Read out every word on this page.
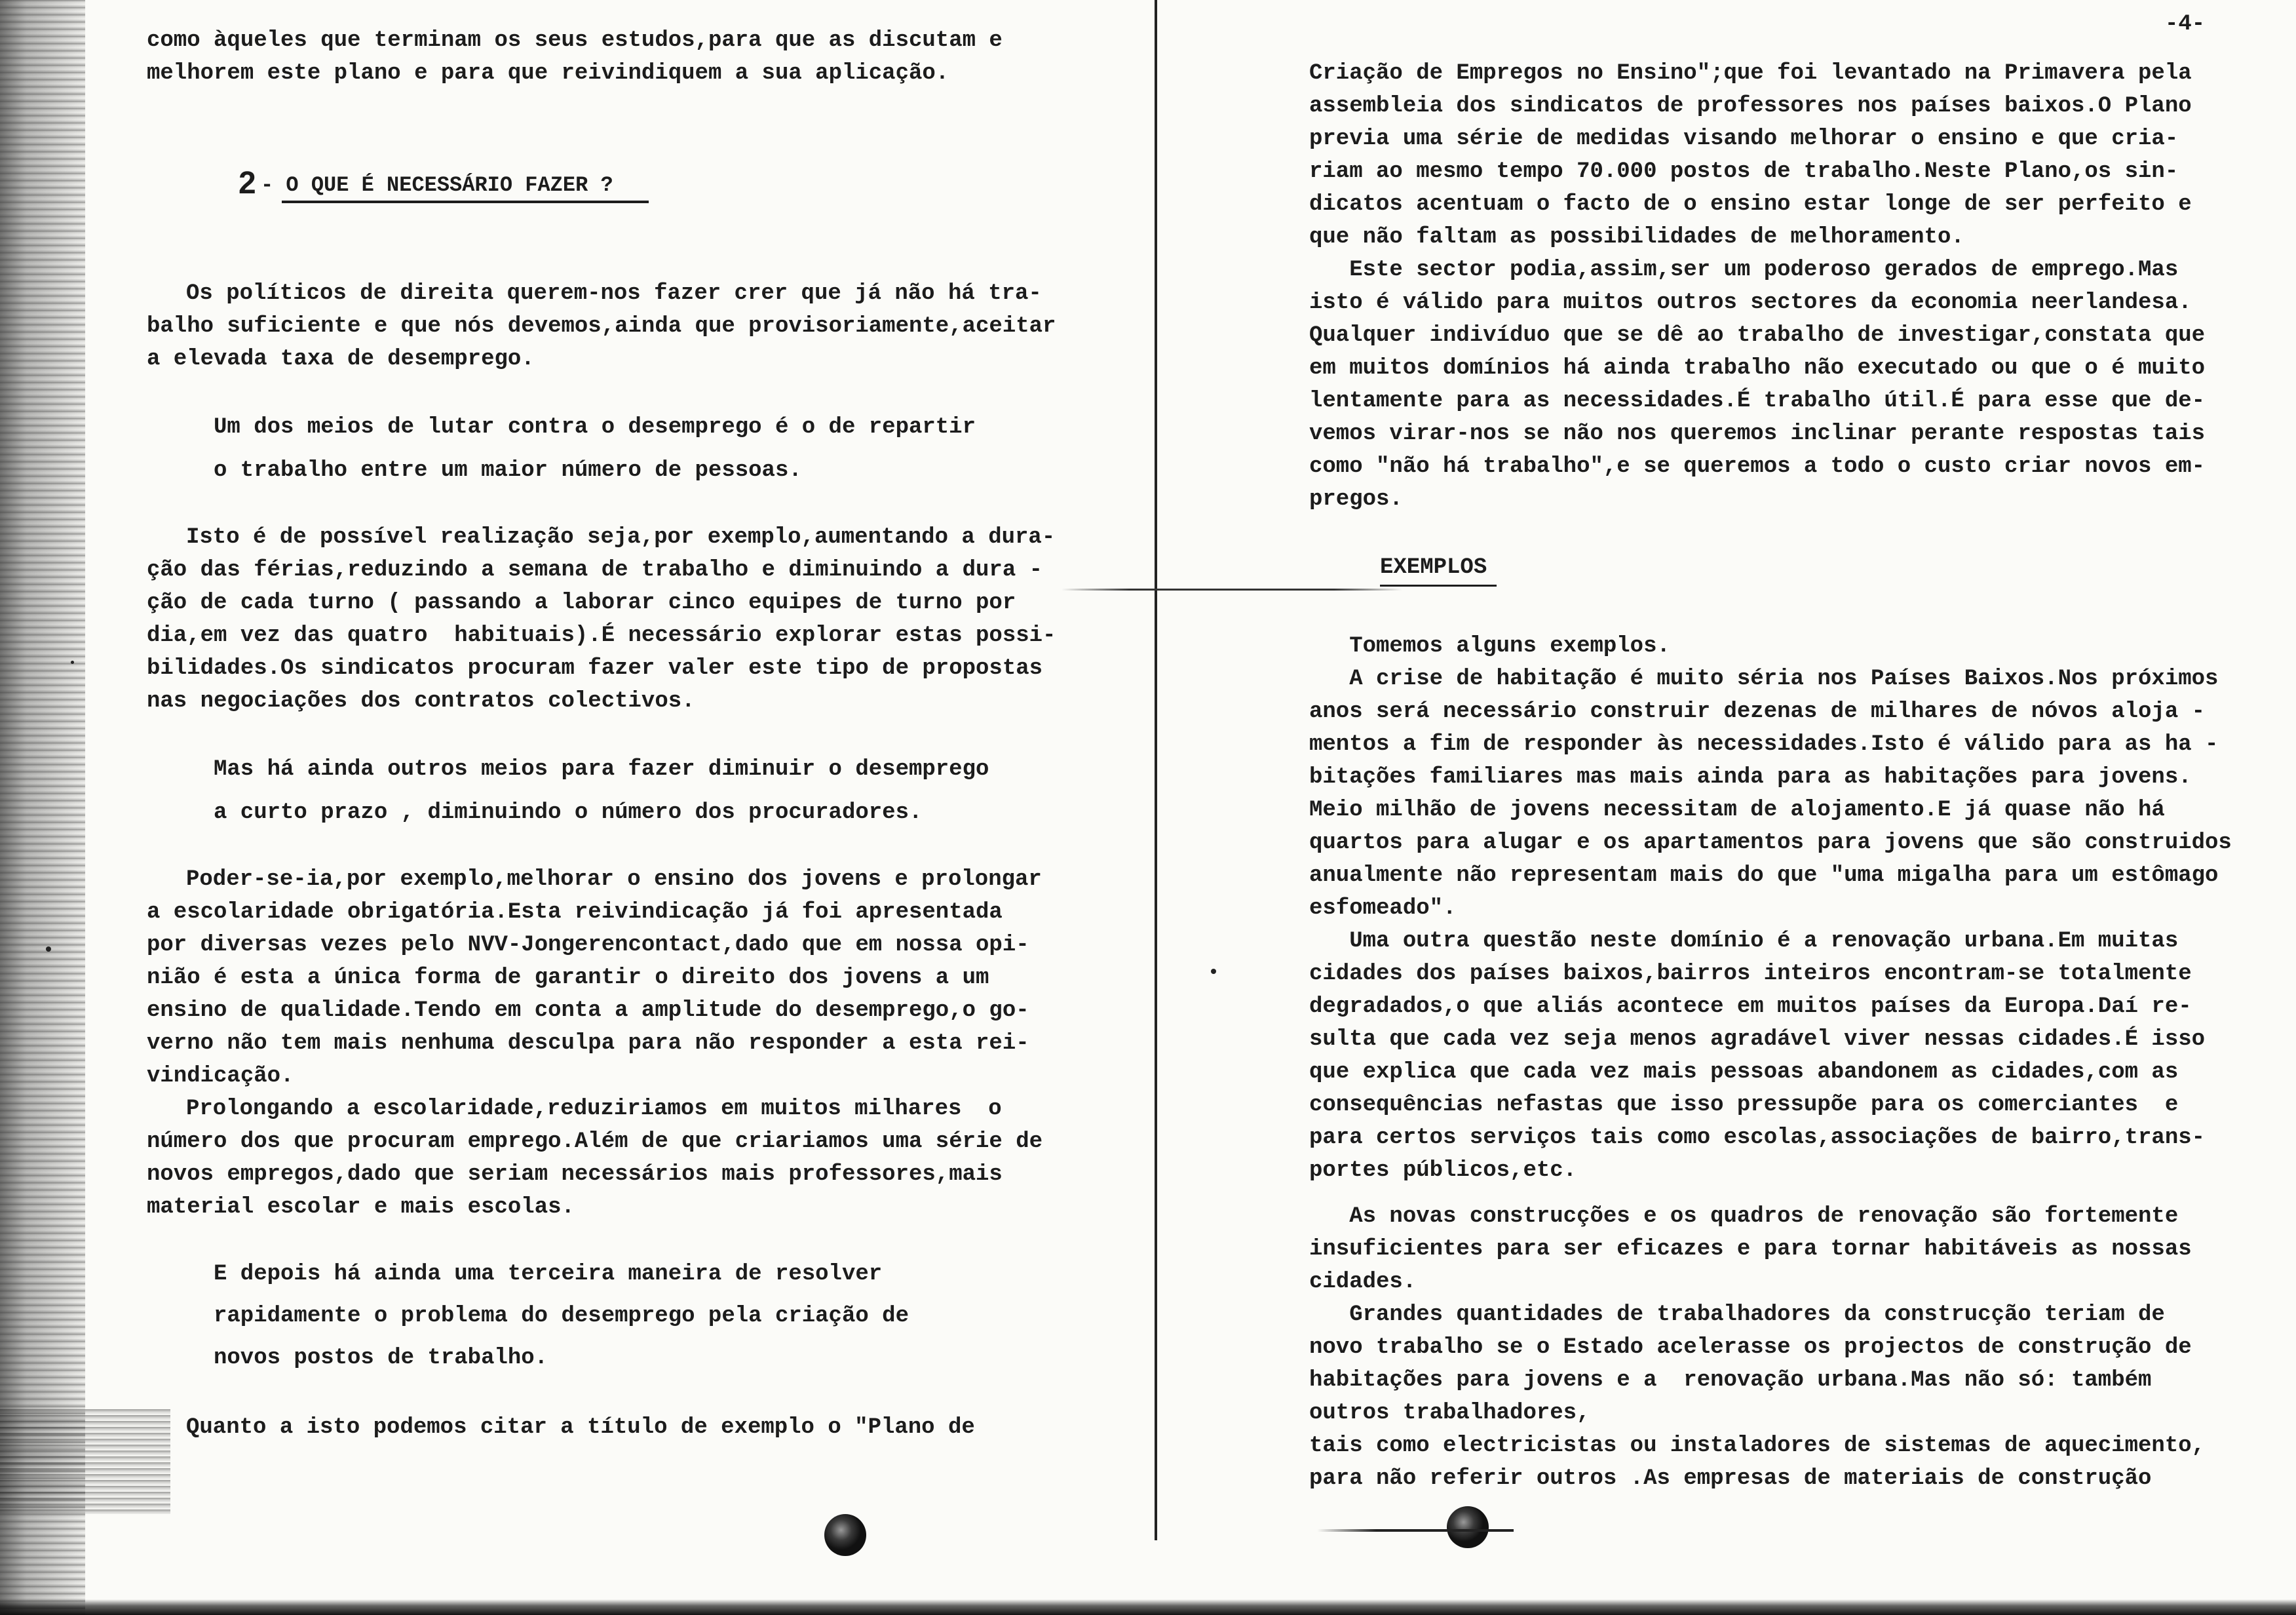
como àqueles que terminam os seus estudos,para que as discutam e
melhorem este plano e para que reivindiquem a sua aplicação.
2 - O QUE É NECESSÁRIO FAZER ?
Os políticos de direita querem-nos fazer crer que já não há tra-
balho suficiente e que nós devemos,ainda que provisoriamente,aceitar
a elevada taxa de desemprego.
Um dos meios de lutar contra o desemprego é o de repartir
o trabalho entre um maior número de pessoas.
Isto é de possível realização seja,por exemplo,aumentando a dura-
ção das férias,reduzindo a semana de trabalho e diminuindo a dura -
ção de cada turno ( passando a laborar cinco equipes de turno por
dia,em vez das quatro  habituais).É necessário explorar estas possi-
bilidades.Os sindicatos procuram fazer valer este tipo de propostas
nas negociações dos contratos colectivos.
Mas há ainda outros meios para fazer diminuir o desemprego
a curto prazo , diminuindo o número dos procuradores.
Poder-se-ia,por exemplo,melhorar o ensino dos jovens e prolongar
a escolaridade obrigatória.Esta reivindicação já foi apresentada
por diversas vezes pelo NVV-Jongerencontact,dado que em nossa opi-
nião é esta a única forma de garantir o direito dos jovens a um
ensino de qualidade.Tendo em conta a amplitude do desemprego,o go-
verno não tem mais nenhuma desculpa para não responder a esta rei-
vindicação.
Prolongando a escolaridade,reduziriamos em muitos milhares  o
número dos que procuram emprego.Além de que criariamos uma série de
novos empregos,dado que seriam necessários mais professores,mais
material escolar e mais escolas.
E depois há ainda uma terceira maneira de resolver
rapidamente o problema do desemprego pela criação de
novos postos de trabalho.
Quanto a isto podemos citar a título de exemplo o "Plano de
-4-
Criação de Empregos no Ensino";que foi levantado na Primavera pela
assembleia dos sindicatos de professores nos países baixos.O Plano
previa uma série de medidas visando melhorar o ensino e que cria-
riam ao mesmo tempo 70.000 postos de trabalho.Neste Plano,os sin-
dicatos acentuam o facto de o ensino estar longe de ser perfeito e
que não faltam as possibilidades de melhoramento.
Este sector podia,assim,ser um poderoso gerados de emprego.Mas
isto é válido para muitos outros sectores da economia neerlandesa.
Qualquer indivíduo que se dê ao trabalho de investigar,constata que
em muitos domínios há ainda trabalho não executado ou que o é muito
lentamente para as necessidades.É trabalho útil.É para esse que de-
vemos virar-nos se não nos queremos inclinar perante respostas tais
como "não há trabalho",e se queremos a todo o custo criar novos em-
pregos.
EXEMPLOS
Tomemos alguns exemplos.
A crise de habitação é muito séria nos Países Baixos.Nos próximos
anos será necessário construir dezenas de milhares de nóvos aloja -
mentos a fim de responder às necessidades.Isto é válido para as ha -
bitações familiares mas mais ainda para as habitações para jovens.
Meio milhão de jovens necessitam de alojamento.E já quase não há
quartos para alugar e os apartamentos para jovens que são construidos
anualmente não representam mais do que "uma migalha para um estômago
esfomeado".
Uma outra questão neste domínio é a renovação urbana.Em muitas
cidades dos países baixos,bairros inteiros encontram-se totalmente
degradados,o que aliás acontece em muitos países da Europa.Daí re-
sulta que cada vez seja menos agradável viver nessas cidades.É isso
que explica que cada vez mais pessoas abandonem as cidades,com as
consequências nefastas que isso pressupõe para os comerciantes  e
para certos serviços tais como escolas,associações de bairro,trans-
portes públicos,etc.
As novas construcções e os quadros de renovação são fortemente
insuficientes para ser eficazes e para tornar habitáveis as nossas
cidades.
Grandes quantidades de trabalhadores da construcção teriam de
novo trabalho se o Estado acelerasse os projectos de construção de
habitações para jovens e a  renovação urbana.Mas não só: também
outros trabalhadores,
tais como electricistas ou instaladores de sistemas de aquecimento,
para não referir outros .As empresas de materiais de construção
